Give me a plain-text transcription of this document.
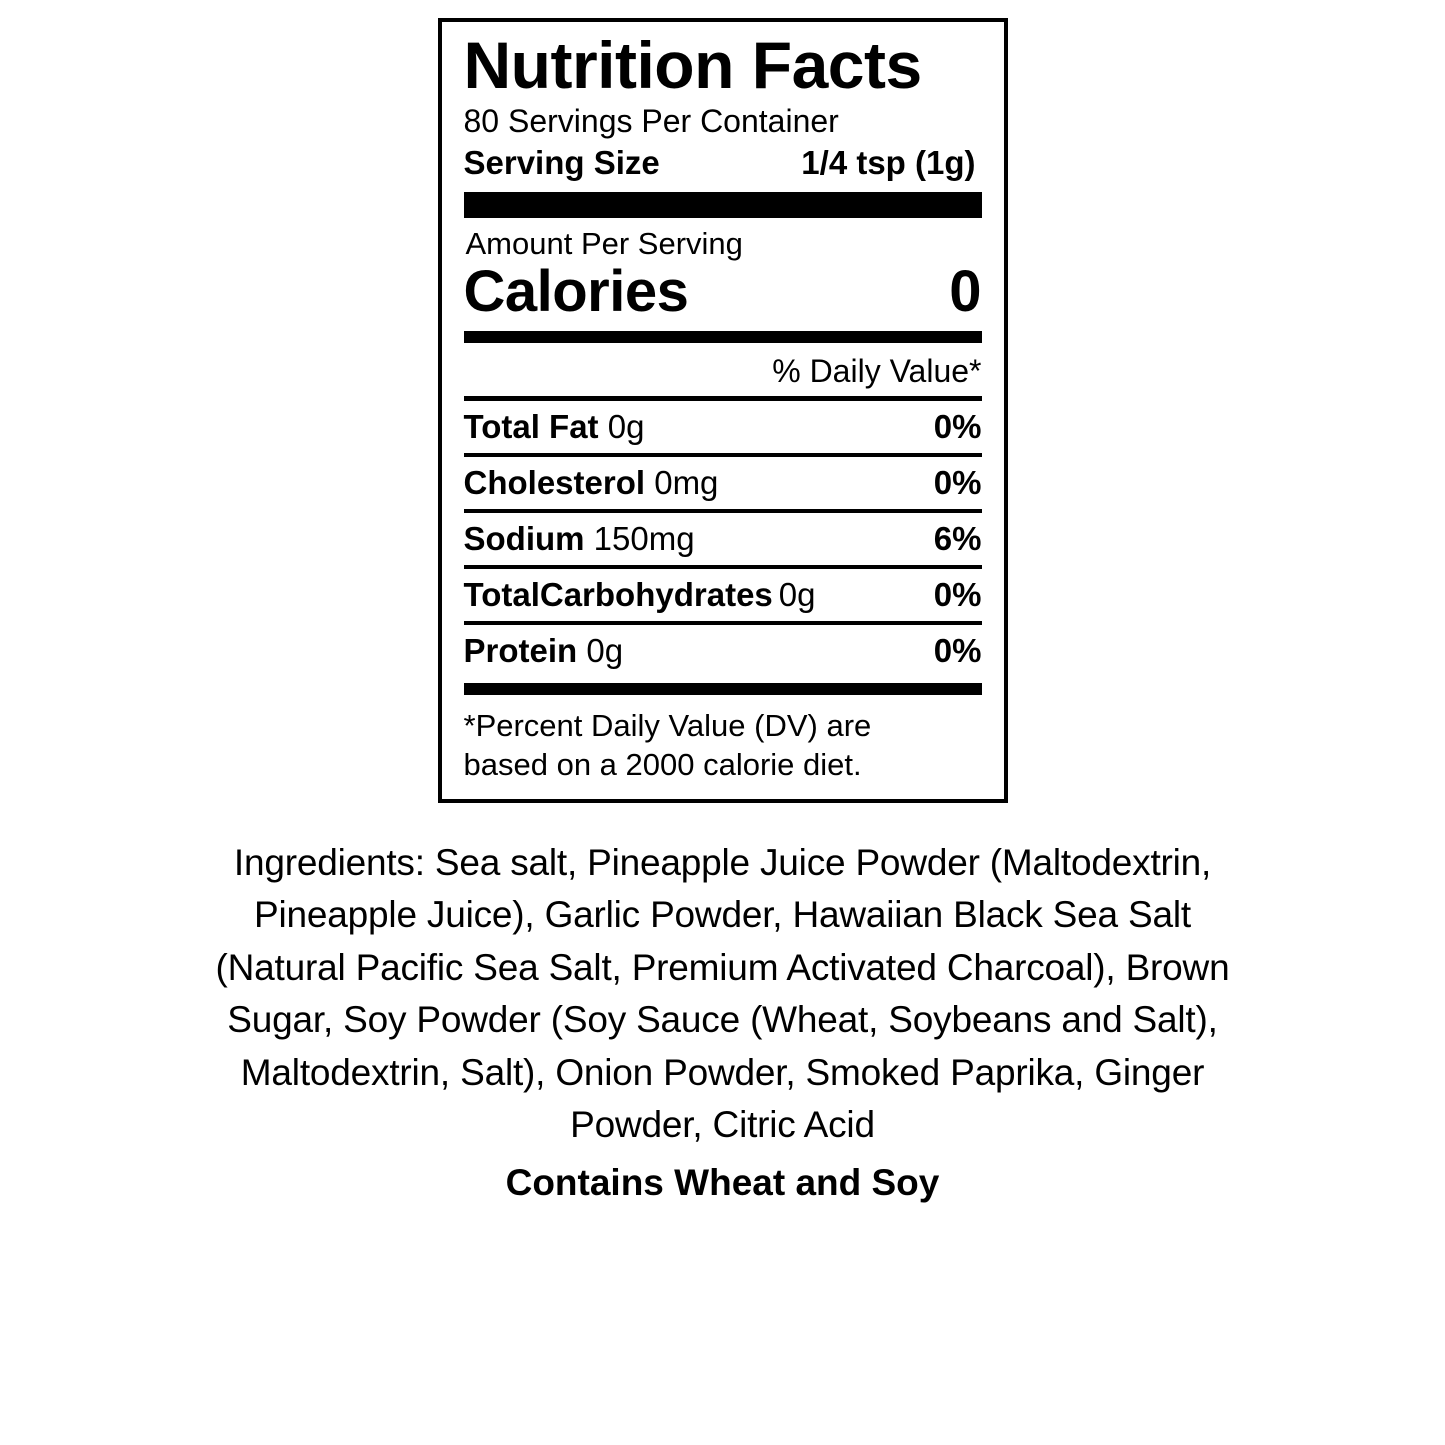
Nutrition Facts
80 Servings Per Container
Serving Size	1/4 tsp (1g)
Amount Per Serving
Calories	0
% Daily Value*
Total Fat 0g	0%
Cholesterol 0mg	0%
Sodium 150mg	6%
TotalCarbohydrates 0g	0%
Protein 0g	0%
*Percent Daily Value (DV) are
based on a 2000 calorie diet.
Ingredients: Sea salt, Pineapple Juice Powder (Maltodextrin, Pineapple Juice), Garlic Powder, Hawaiian Black Sea Salt (Natural Pacific Sea Salt, Premium Activated Charcoal), Brown Sugar, Soy Powder (Soy Sauce (Wheat, Soybeans and Salt), Maltodextrin, Salt), Onion Powder, Smoked Paprika, Ginger Powder, Citric Acid
Contains Wheat and Soy
